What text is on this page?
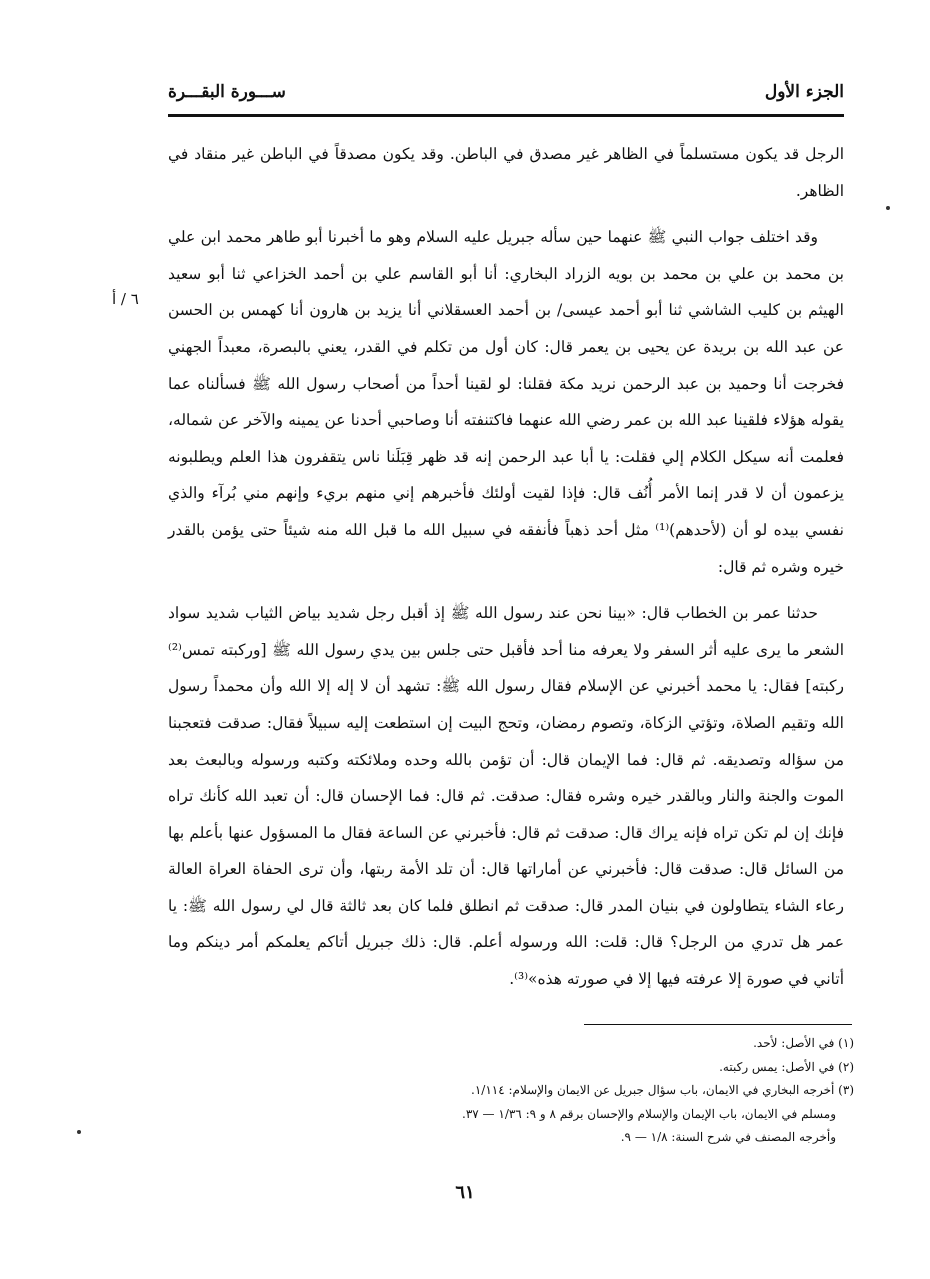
الجزء الأول
ســـورة البقـــرة
٦ / أ

الرجل قد يكون مستسلماً في الظاهر غير مصدق في الباطن. وقد يكون مصدقاً في الباطن غير منقاد في الظاهر.

وقد اختلف جواب النبي ﷺ عنهما حين سأله جبريل عليه السلام وهو ما أخبرنا أبو طاهر محمد ابن علي بن محمد بن علي بن محمد بن بويه الزراد البخاري: أنا أبو القاسم علي بن أحمد الخزاعي ثنا أبو سعيد الهيثم بن كليب الشاشي ثنا أبو أحمد عيسى/ بن أحمد العسقلاني أنا يزيد بن هارون أنا كهمس بن الحسن عن عبد الله بن بريدة عن يحيى بن يعمر قال: كان أول من تكلم في القدر، يعني بالبصرة، معبداً الجهني فخرجت أنا وحميد بن عبد الرحمن نريد مكة فقلنا: لو لقينا أحداً من أصحاب رسول الله ﷺ فسألناه عما يقوله هؤلاء فلقينا عبد الله بن عمر رضي الله عنهما فاكتنفته أنا وصاحبي أحدنا عن يمينه والآخر عن شماله، فعلمت أنه سيكل الكلام إلي فقلت: يا أبا عبد الرحمن إنه قد ظهر قِبَلَنا ناس يتقفرون هذا العلم ويطلبونه يزعمون أن لا قدر إنما الأمر أُنُف قال: فإذا لقيت أولئك فأخبرهم إني منهم بريء وإنهم مني بُرآء والذي نفسي بيده لو أن (لأحدهم)⁽¹⁾ مثل أحد ذهباً فأنفقه في سبيل الله ما قبل الله منه شيئاً حتى يؤمن بالقدر خيره وشره ثم قال:

حدثنا عمر بن الخطاب قال: «بينا نحن عند رسول الله ﷺ إذ أقبل رجل شديد بياض الثياب شديد سواد الشعر ما يرى عليه أثر السفر ولا يعرفه منا أحد فأقبل حتى جلس بين يدي رسول الله ﷺ [وركبته تمس⁽²⁾ ركبته] فقال: يا محمد أخبرني عن الإسلام فقال رسول الله ﷺ: تشهد أن لا إله إلا الله وأن محمداً رسول الله وتقيم الصلاة، وتؤتي الزكاة، وتصوم رمضان، وتحج البيت إن استطعت إليه سبيلاً فقال: صدقت فتعجبنا من سؤاله وتصديقه. ثم قال: فما الإيمان قال: أن تؤمن بالله وحده وملائكته وكتبه ورسوله وبالبعث بعد الموت والجنة والنار وبالقدر خيره وشره فقال: صدقت. ثم قال: فما الإحسان قال: أن تعبد الله كأنك تراه فإنك إن لم تكن تراه فإنه يراك قال: صدقت ثم قال: فأخبرني عن الساعة فقال ما المسؤول عنها بأعلم بها من السائل قال: صدقت قال: فأخبرني عن أماراتها قال: أن تلد الأمة ربتها، وأن ترى الحفاة العراة العالة رعاء الشاء يتطاولون في بنيان المدر قال: صدقت ثم انطلق فلما كان بعد ثالثة قال لي رسول الله ﷺ: يا عمر هل تدري من الرجل؟ قال: قلت: الله ورسوله أعلم. قال: ذلك جبريل أتاكم يعلمكم أمر دينكم وما أتاني في صورة إلا عرفته فيها إلا في صورته هذه»⁽³⁾.

(١) في الأصل: لأحد.
(٢) في الأصل: يمس ركبته.
(٣) أخرجه البخاري في الايمان، باب سؤال جبريل عن الايمان والإسلام: ١/١١٤.
ومسلم في الايمان، باب الإيمان والإسلام والإحسان برقم ٨ و ٩: ١/٣٦ — ٣٧.
وأخرجه المصنف في شرح السنة: ١/٨ — ٩.
٦١
